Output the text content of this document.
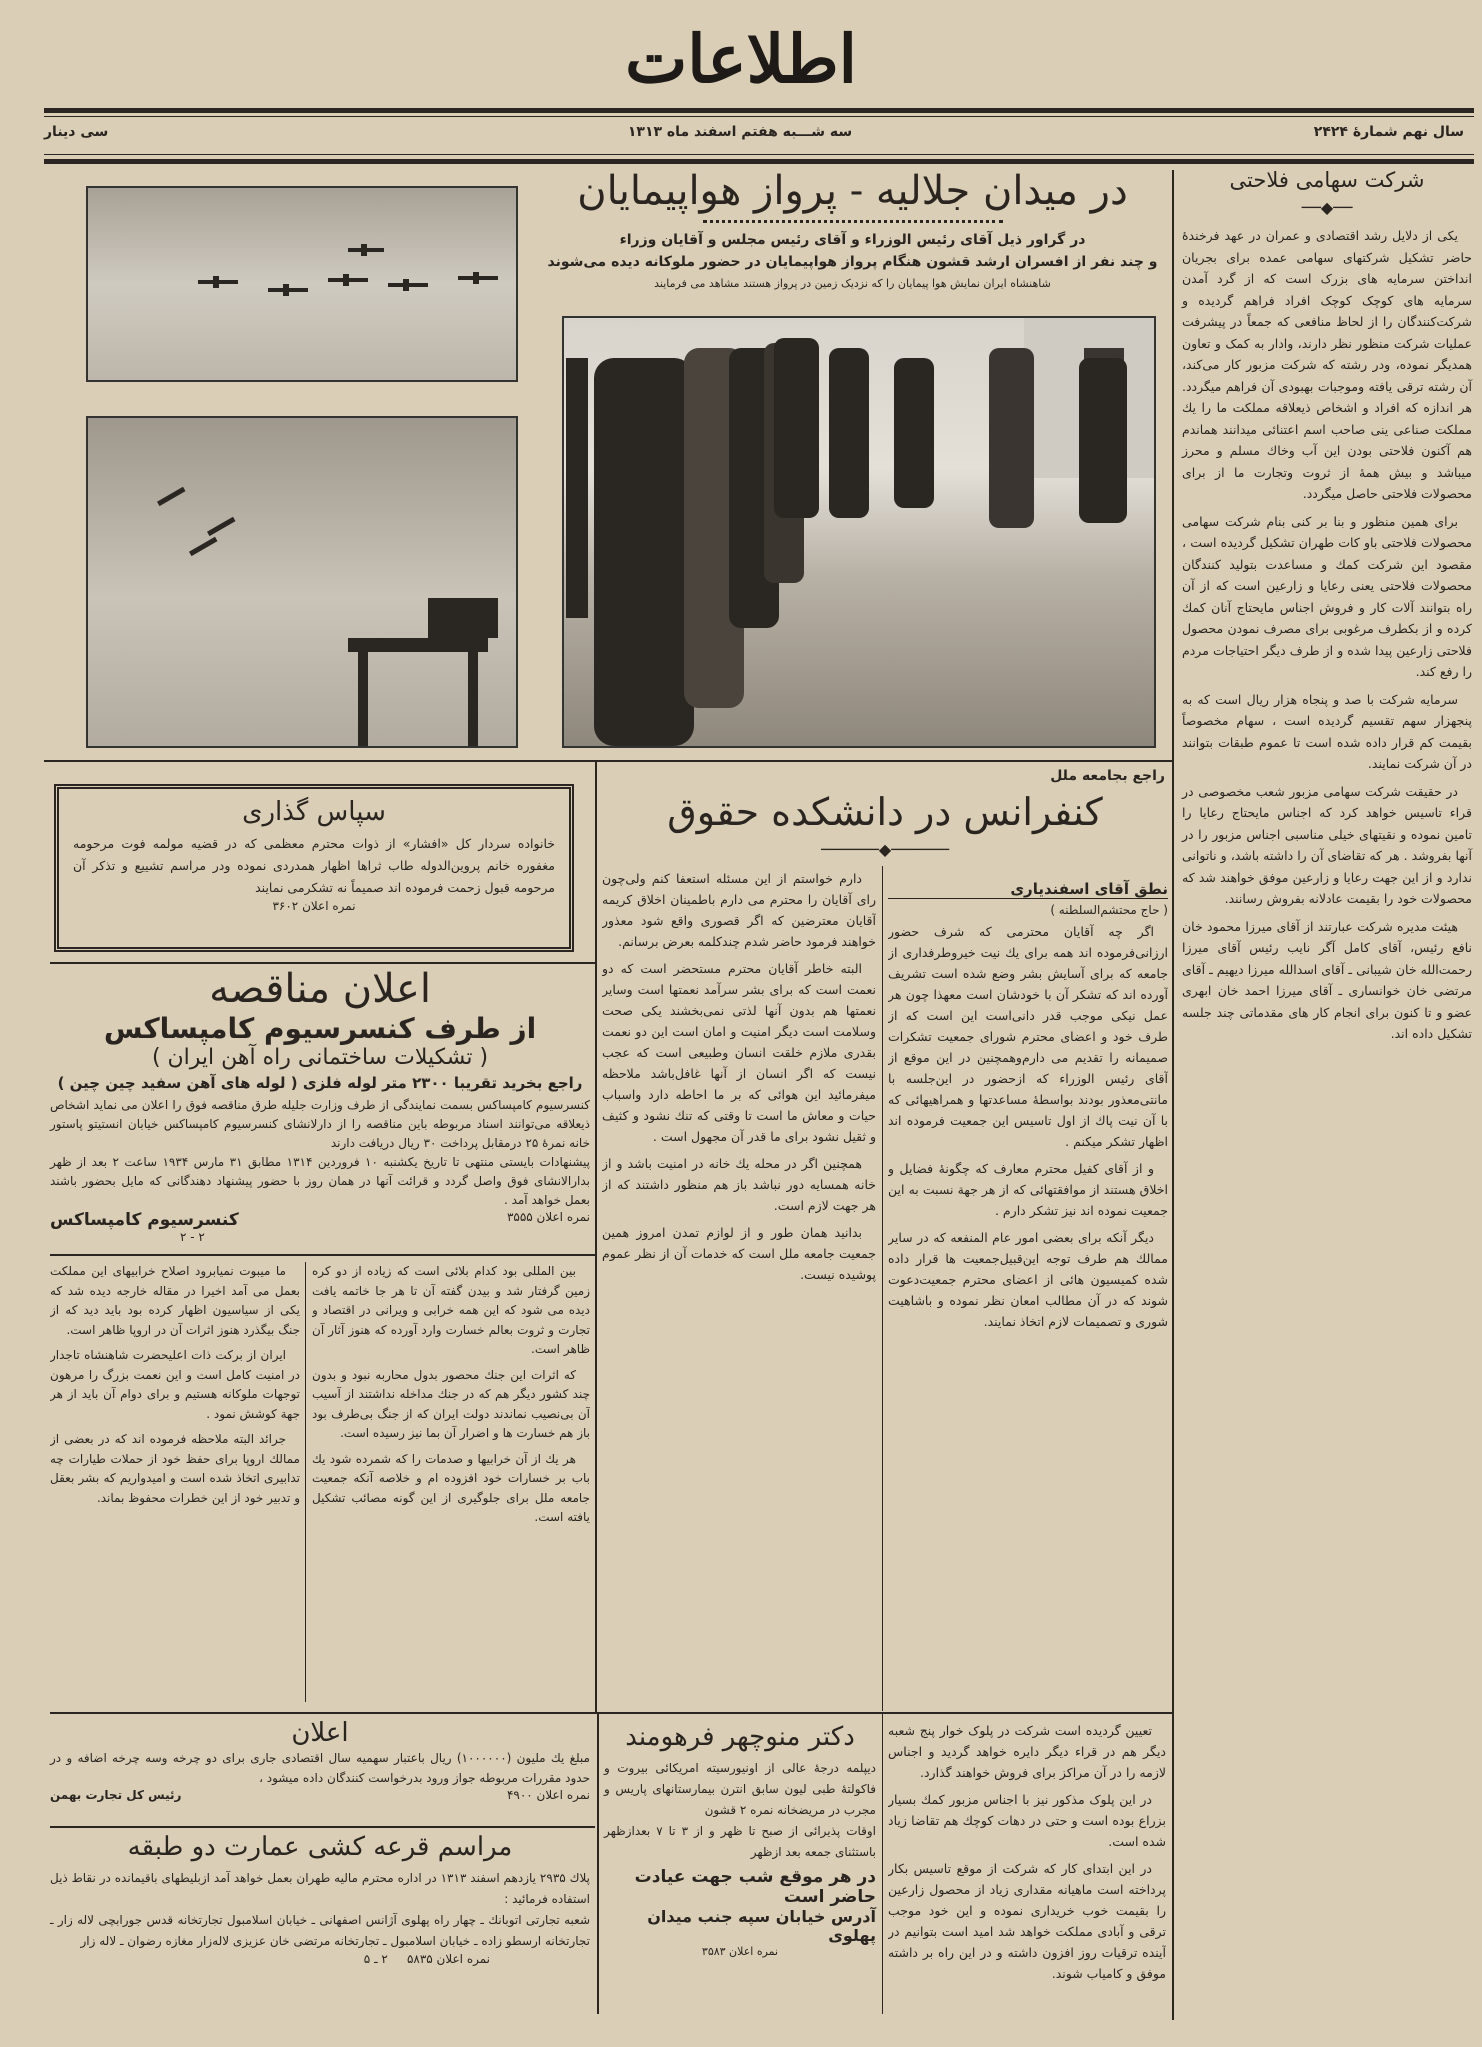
اطلاعات
سال نهم شمارهٔ ۲۴۲۴
سه شـــبه هفتم اسفند ماه ۱۳۱۳
سی دینار
شرکت سهامی فلاحتی
──◆──

یکی از دلایل رشد اقتصادی و عمران در عهد فرخندهٔ حاضر تشکیل شرکتهای سهامی عمده برای بجریان انداختن سرمایه های بزرک است که از گرد آمدن سرمایه های کوچک کوچک افراد فراهم گردیده و شرکت‌کنندگان را از لحاظ منافعی که جمعاً در پیشرفت عملیات شرکت منظور نظر دارند، وادار به کمک و تعاون همدیگر نموده، ودر رشته که شرکت مزبور کار می‌کند، آن رشته ترقی یافته وموجبات بهبودی آن فراهم میگردد. هر اندازه که افراد و اشخاص ذیعلاقه مملکت ما را یك مملکت صناعی ینی صاحب اسم اعتنائی میدانند هماندم هم آکنون فلاحتی بودن این آب وخاك مسلم و محرز میباشد و بیش همهٔ از ثروت وتجارت ما از برای محصولات فلاحتی حاصل میگردد.

برای همین منظور و بنا بر کنی بنام شرکت سهامی محصولات فلاحتی باو کات طهران تشکیل گردیده است ، مقصود این شرکت کمك و مساعدت بتولید کنندگان محصولات فلاحتی یعنی رعایا و زارعین است که از آن راه بتوانند آلات کار و فروش اجناس مایحتاج آنان کمك کرده و از بکطرف مرغوبی برای مصرف نمودن محصول فلاحتی زارعین پیدا شده و از طرف دیگر احتیاجات مردم را رفع کند.

سرمایه شرکت با صد و پنجاه هزار ریال است که به پنجهزار سهم تقسیم گردیده است ، سهام مخصوصاً بقیمت کم قرار داده شده است تا عموم طبقات بتوانند در آن شرکت نمایند.

در حقیقت شرکت سهامی مزبور شعب مخصوصی در قراء تاسیس خواهد کرد که اجناس مایحتاج رعایا را تامین نموده و نقیتهای خیلی مناسبی اجناس مزبور را در آنها بفروشد . هر که تقاضای آن را داشته باشد، و ناتوانی ندارد و از این جهت رعایا و زارعین موفق خواهند شد که محصولات خود را بقیمت عادلانه بفروش رسانند.

هیئت مدیره شرکت عبارتند از آقای میرزا محمود خان نافع رئیس، آقای کامل آگر نایب رئیس آقای میرزا رحمت‌الله خان شیبانی ـ آقای اسدالله میرزا دیهیم ـ آقای مرتضی خان خوانساری ـ آقای میرزا احمد خان ابهری عضو و تا کنون برای انجام کار های مقدماتی چند جلسه تشکیل داده اند.

در میدان جلالیه - پرواز هواپیمایان
در گراور ذیل آقای رئیس الوزراء و آقای رئیس مجلس و آقایان وزراء
و چند نفر از افسران ارشد قشون هنگام پرواز هواپیمایان در حضور ملوکانه دیده می‌شوند
شاهنشاه ایران نمایش هوا پیمایان را که نزدیک زمین در پرواز هستند مشاهد می فرمایند
سپاس گذاری
خانواده سردار کل «افشار» از ذوات محترم معظمی که در قضیه مولمه فوت مرحومه مغفوره خانم پروین‌الدوله طاب ثراها اظهار همدردی نموده ودر مراسم تشییع و تذکر آن مرحومه قبول زحمت فرموده اند صمیماً نه تشکرمی نمایند
نمره اعلان ۳۶۰۲
اعلان مناقصه
از طرف کنسرسیوم کامپساکس
( تشکیلات ساختمانی راه آهن ایران )
راجع بخرید تقریبا ۲۳۰۰ متر لوله فلزی ( لوله های آهن سفید چین چین )
کنسرسیوم کامپساکس بسمت نمایندگی از طرف وزارت جلیله طرق مناقصه فوق را اعلان می نماید اشخاص ذیعلاقه می‌توانند اسناد مربوطه باین مناقصه را از دارلانشای کنسرسیوم کامپساکس خیابان انستیتو پاستور خانه نمرهٔ ۲۵ درمقابل پرداخت ۳۰ ریال دریافت دارند
پیشنهادات بایستی منتهی تا تاریخ یکشنبه ۱۰ فروردین ۱۳۱۴ مطابق ۳۱ مارس ۱۹۳۴ ساعت ۲ بعد از ظهر بدارالانشای فوق واصل گردد و قرائت آنها در همان روز با حضور پیشنهاد دهندگانی که مایل بحضور باشند بعمل خواهد آمد .
نمره اعلان ۳۵۵۵
کنسرسیوم کامپساکس
۲ - ۲

ما میبوت نمیابرود اصلاح خرابیهای این مملکت بعمل می آمد اخیرا در مقاله خارجه دیده شد که یکی از سیاسیون اظهار کرده بود باید دید که از جنگ بیگذرد هنوز اثرات آن در اروپا ظاهر است.

ایران از برکت ذات اعلیحضرت شاهنشاه تاجدار در امنیت کامل است و این نعمت بزرگ را مرهون توجهات ملوکانه هستیم و برای دوام آن باید از هر جهة کوشش نمود .

جرائد البته ملاحظه فرموده اند که در بعضی از ممالك اروپا برای حفظ خود از حملات طیارات چه تدابیری اتخاذ شده است و امیدواریم که بشر بعقل و تدبیر خود از این خطرات محفوظ بماند.

بین المللی بود کدام بلائی است که زیاده از دو کره زمین گرفتار شد و بیدن گفته آن تا هر جا خاتمه یافت دیده می شود که این همه خرابی و ویرانی در اقتصاد و تجارت و ثروت بعالم خسارت وارد آورده که هنوز آثار آن ظاهر است.

که اثرات این جنك محصور بدول محاربه نبود و بدون چند کشور دیگر هم که در جنك مداخله نداشتند از آسیب آن بی‌نصیب نماندند دولت ایران که از جنگ بی‌طرف بود باز هم خسارت ها و اضرار آن بما نیز رسیده است.

هر یك از آن خرابیها و صدمات را که شمرده شود یك باب بر خسارات خود افزوده ام و خلاصه آنکه جمعیت جامعه ملل برای جلوگیری از این گونه مصائب تشکیل یافته است.

راجع بجامعه ملل
کنفرانس در دانشکده حقوق
──────◆──────
نطق آقای اسفندیاری
( حاج محتشم‌السلطنه )

اگر چه آقایان محترمی که شرف حضور ارزانی‌فرموده اند همه برای یك نیت خیروطرفداری از جامعه که برای آسایش بشر وضع شده است تشریف آورده اند که تشکر آن با خودشان است معهذا چون هر عمل نیکی موجب قدر دانی‌است این است که از طرف خود و اعضای محترم شورای جمعیت تشکرات صمیمانه را تقدیم می دارم‌وهمچنین در این موقع از آقای رئیس الوزراء که ازحضور در این‌جلسه با مانتی‌معذور بودند بواسطهٔ مساعدتها و همراهیهائی که با آن نیت پاك از اول تاسیس این جمعیت فرموده اند اظهار تشکر میکنم .

و از آقای کفیل محترم معارف که چگونهٔ فضایل و اخلاق هستند از موافقتهائی که از هر جهة نسبت به این جمعیت نموده اند نیز تشکر دارم .

دیگر آنکه برای بعضی امور عام المنفعه که در سایر ممالك هم طرف توجه این‌قبیل‌جمعیت ها قرار داده شده کمیسیون هائی از اعضای محترم جمعیت‌دعوت شوند که در آن مطالب امعان نظر نموده و باشاهیت شوری و تصمیمات لازم اتخاذ نمایند.

دارم خواستم از این مسئله استعفا کنم ولی‌چون رای آقایان را محترم می دارم باطمینان اخلاق کریمه آقایان معترضین که اگر قصوری واقع شود معذور خواهند فرمود حاضر شدم چندکلمه بعرض برسانم.

البته خاطر آقایان محترم مستحضر است که دو نعمت است که برای بشر سرآمد نعمتها است وسایر نعمتها هم بدون آنها لذتی نمی‌بخشند یکی صحت وسلامت است دیگر امنیت و امان است این دو نعمت بقدری ملازم خلقت انسان وطبیعی است که عجب نیست که اگر انسان از آنها غافل‌باشد ملاحظه میفرمائید این هوائی که بر ما احاطه دارد واسباب حیات و معاش ما است تا وقتی که تنك نشود و کثیف و ثقیل نشود برای ما قدر آن مجهول است .

همچنین اگر در محله یك خانه در امنیت باشد و از خانه همسایه دور نباشد باز هم منظور داشتند که از هر جهت لازم است.

بدانید همان طور و از لوازم تمدن امروز همین جمعیت جامعه ملل است که خدمات آن از نظر عموم پوشیده نیست.

اعلان
مبلغ یك ملیون (۱۰۰۰۰۰۰) ریال باعتبار سهمیه سال اقتصادی جاری برای دو چرخه وسه چرخه اضافه و در حدود مقررات مربوطه جواز ورود بدرخواست کنندگان داده میشود ،
نمره اعلان ۴۹۰۰
رئیس کل تجارت بهمن
مراسم قرعه کشی عمارت دو طبقه
پلاك ۲۹۳۵ یازدهم اسفند ۱۳۱۳ در اداره محترم مالیه طهران بعمل خواهد آمد ازبلیطهای باقیمانده در نقاط ذیل استفاده فرمائید :
شعبه تجارتی اتوبانك ـ چهار راه پهلوی آژانس اصفهانی ـ خیابان اسلامبول تجارتخانه قدس جورابچی لاله زار ـ تجارتخانه ارسطو زاده ـ خیابان اسلامبول ـ تجارتخانه مرتضی خان عزیزی لاله‌زار مغازه رضوان ـ لاله زار
نمره اعلان ۵۸۳۵     ۲ ـ ۵
دکتر منوچهر فرهومند
دیپلمه درجهٔ عالی از اونیورسیته امریکائی بیروت و فاکولتهٔ طبی لیون سابق انترن بیمارستانهای پاریس و مجرب در مریضخانه نمره ۲ قشون
اوقات پذیرائی از صبح تا ظهر و از ۳ تا ۷ بعدازظهر باستثنای جمعه بعد ازظهر
در هر موقع شب جهت عیادت حاضر است
آدرس خیابان سپه جنب میدان پهلوی
نمره اعلان ۳۵۸۳

تعیین گردیده است شرکت در پلوک خوار پنج شعبه دیگر هم در قراء دیگر دایره خواهد گردید و اجناس لازمه را در آن مراکز برای فروش خواهند گذارد.

در این پلوک مذکور نیز با اجناس مزبور کمك بسیار بزراع بوده است و حتی در دهات کوچك هم تقاضا زیاد شده است.

در این ابتدای کار که شرکت از موقع تاسیس بکار پرداخته است ماهیانه مقداری زیاد از محصول زارعین را بقیمت خوب خریداری نموده و این خود موجب ترقی و آبادی مملکت خواهد شد امید است بتوانیم در آینده ترقیات روز افزون داشته و در این راه بر داشته موفق و کامیاب شوند.
